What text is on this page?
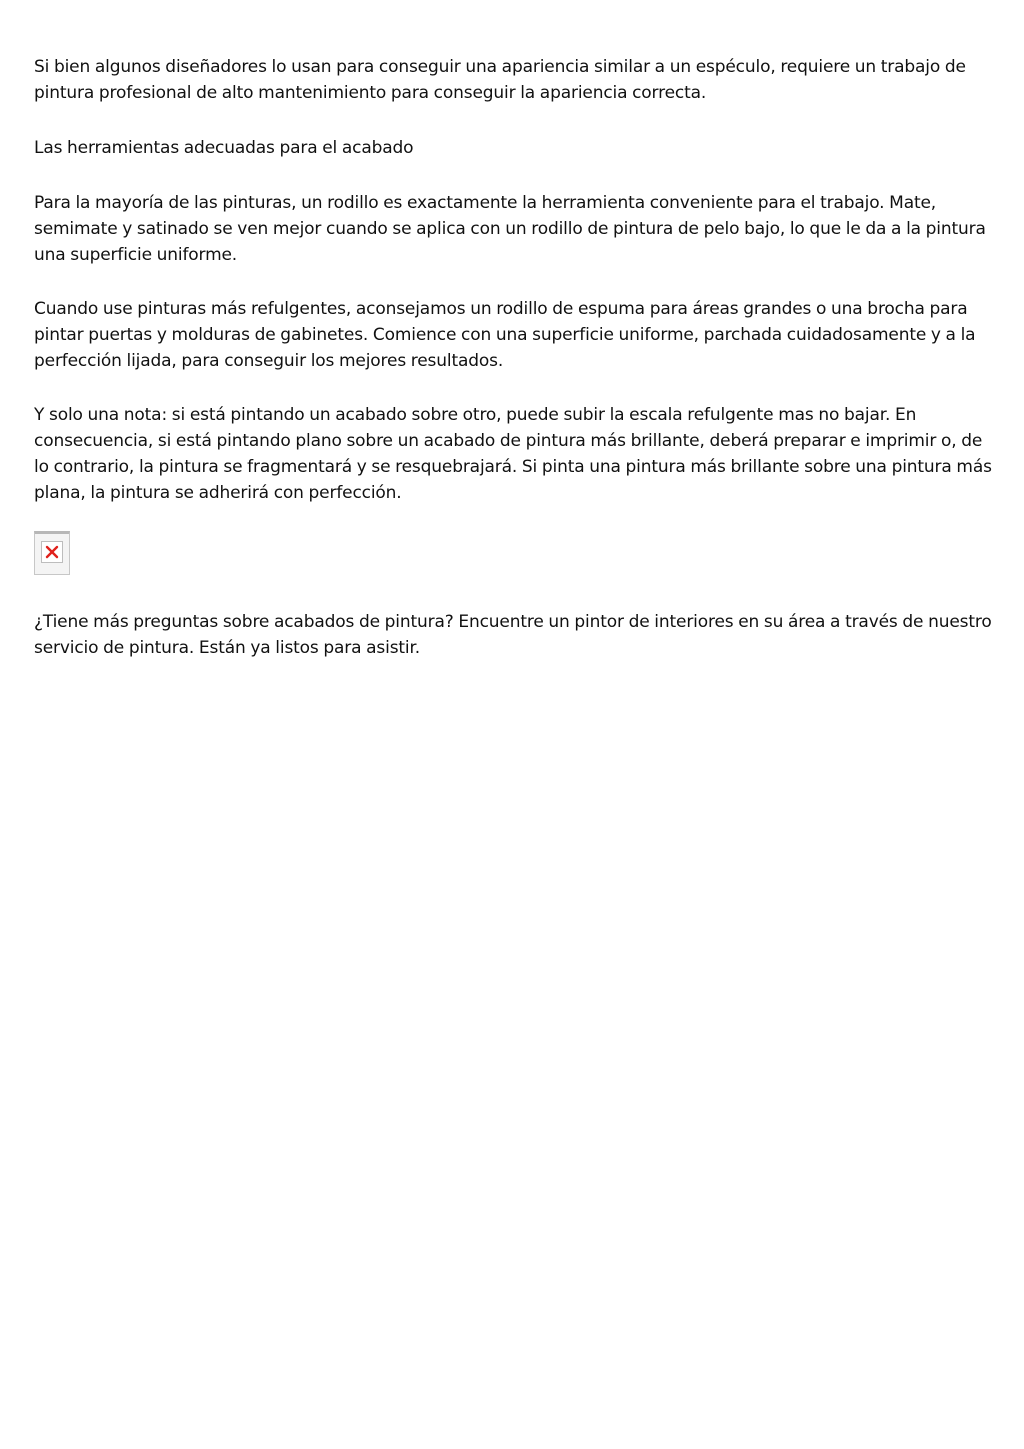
Si bien algunos diseñadores lo usan para conseguir una apariencia similar a un espéculo, requiere un trabajo de pintura profesional de alto mantenimiento para conseguir la apariencia correcta.

Las herramientas adecuadas para el acabado

Para la mayoría de las pinturas, un rodillo es exactamente la herramienta conveniente para el trabajo. Mate, semimate y satinado se ven mejor cuando se aplica con un rodillo de pintura de pelo bajo, lo que le da a la pintura una superficie uniforme.

Cuando use pinturas más refulgentes, aconsejamos un rodillo de espuma para áreas grandes o una brocha para pintar puertas y molduras de gabinetes. Comience con una superficie uniforme, parchada cuidadosamente y a la perfección lijada, para conseguir los mejores resultados.

Y solo una nota: si está pintando un acabado sobre otro, puede subir la escala refulgente mas no bajar. En consecuencia, si está pintando plano sobre un acabado de pintura más brillante, deberá preparar e imprimir o, de lo contrario, la pintura se fragmentará y se resquebrajará. Si pinta una pintura más brillante sobre una pintura más plana, la pintura se adherirá con perfección.

¿Tiene más preguntas sobre acabados de pintura? Encuentre un pintor de interiores en su área a través de nuestro servicio de pintura. Están ya listos para asistir.
